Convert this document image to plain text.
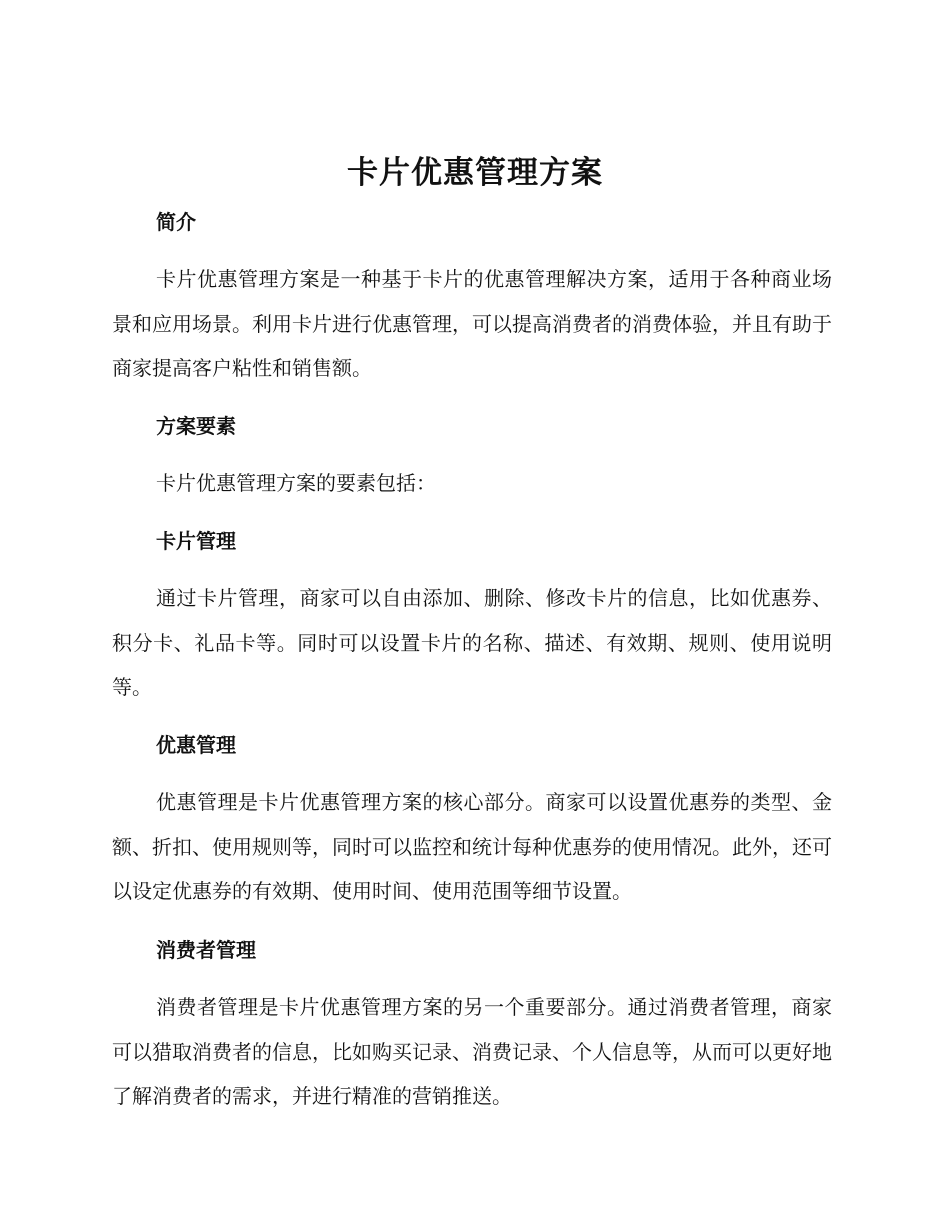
卡片优惠管理方案
简介
卡片优惠管理方案是一种基于卡片的优惠管理解决方案，适用于各种商业场景和应用场景。利用卡片进行优惠管理，可以提高消费者的消费体验，并且有助于商家提高客户粘性和销售额。
方案要素
卡片优惠管理方案的要素包括：
卡片管理
通过卡片管理，商家可以自由添加、删除、修改卡片的信息，比如优惠券、积分卡、礼品卡等。同时可以设置卡片的名称、描述、有效期、规则、使用说明等。
优惠管理
优惠管理是卡片优惠管理方案的核心部分。商家可以设置优惠券的类型、金额、折扣、使用规则等，同时可以监控和统计每种优惠券的使用情况。此外，还可以设定优惠券的有效期、使用时间、使用范围等细节设置。
消费者管理
消费者管理是卡片优惠管理方案的另一个重要部分。通过消费者管理，商家可以猎取消费者的信息，比如购买记录、消费记录、个人信息等，从而可以更好地了解消费者的需求，并进行精准的营销推送。
